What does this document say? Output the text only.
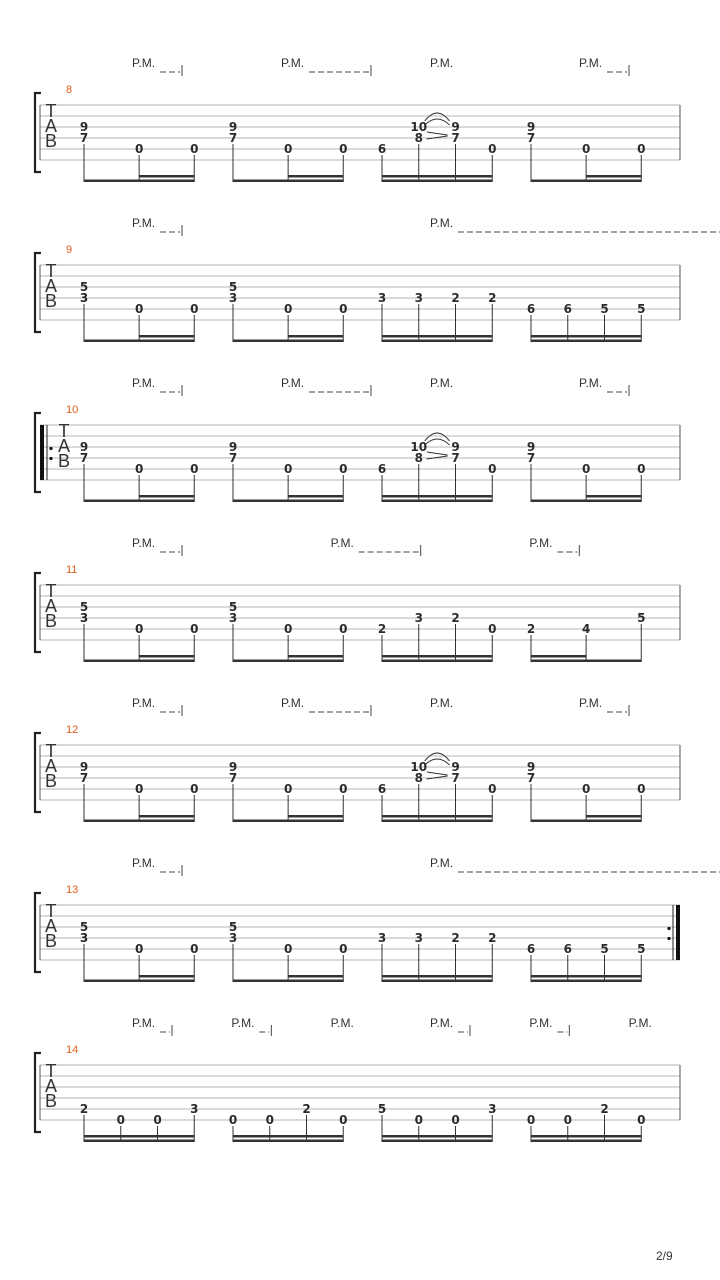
8
T
A
B
9
7
0	0
9
7
0	0	6
10
8
9
7
0
9
7
0	0
P.M.	P.M.	P.M.	P.M.
9
T
A
B
5
3
0	0
5
3
0	0
3 3 2 2
6 6 5 5
P.M.	P.M.
10
T
A
B
9
7
0	0
9
7
0	0	6
10
8
9
7
0
9
7
0	0
P.M.	P.M.	P.M.	P.M.
11
T
A
B
5
3
0	0
5
3
0	0	2
3 2
0	2	4
5
P.M.	P.M.	P.M.
12
T
A
B
9
7
0	0
9
7
0	0	6
10
8
9
7
0
9
7
0	0
P.M.	P.M.	P.M.	P.M.
13
T
A
B
5
3
0	0
5
3
0	0
3 3 2 2
6 6 5 5
P.M.	P.M.
14
T
A
B 2
0 0
3
0 0
2
0
5
0 0
3
0 0
2
0
P.M.	P.M.	P.M.	P.M.	P.M.	P.M.
2/9
